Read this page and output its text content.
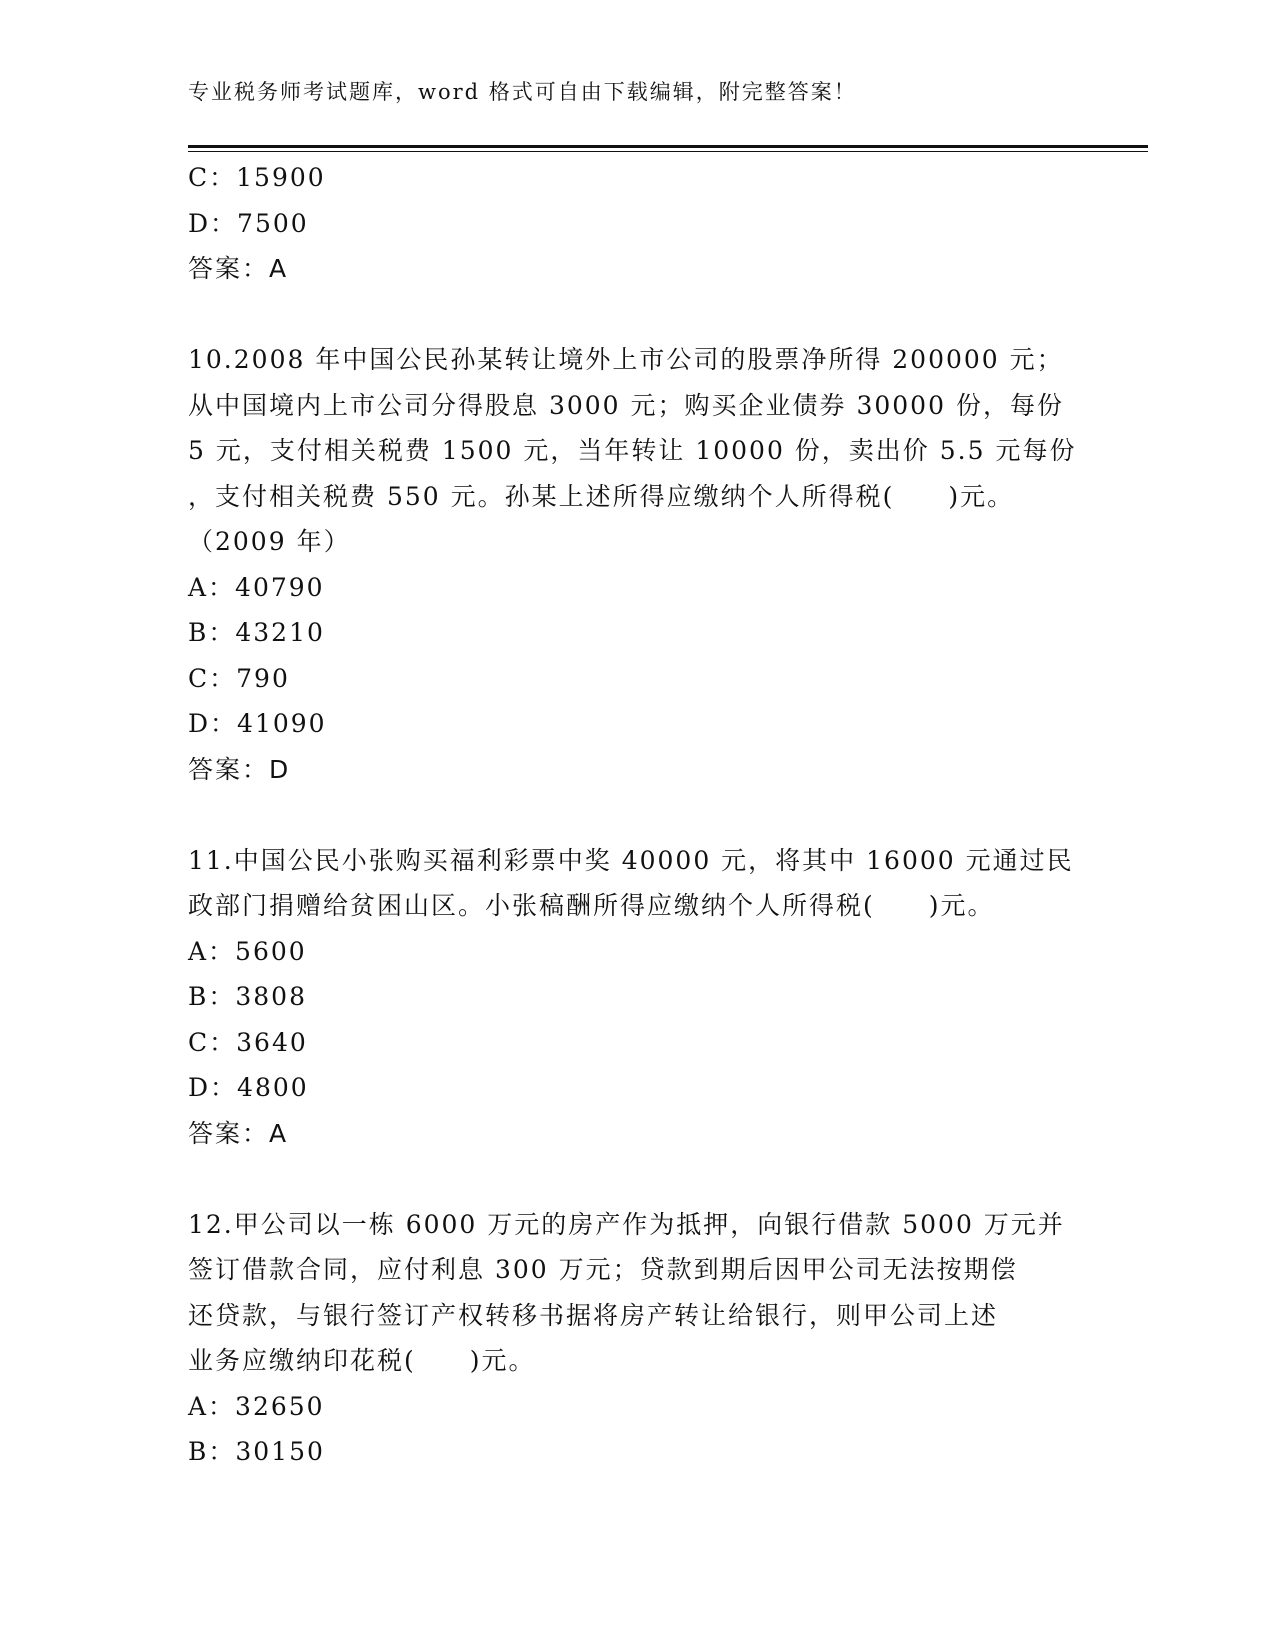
专业税务师考试题库，word 格式可自由下载编辑，附完整答案！
C：15900
D：7500
答案：A
10.2008 年中国公民孙某转让境外上市公司的股票净所得 200000 元；
从中国境内上市公司分得股息 3000 元；购买企业债券 30000 份，每份
5 元，支付相关税费 1500 元，当年转让 10000 份，卖出价 5.5 元每份
，支付相关税费 550 元。孙某上述所得应缴纳个人所得税(　　)元。
（2009 年）
A：40790
B：43210
C：790
D：41090
答案：D
11.中国公民小张购买福利彩票中奖 40000 元，将其中 16000 元通过民
政部门捐赠给贫困山区。小张稿酬所得应缴纳个人所得税(　　)元。
A：5600
B：3808
C：3640
D：4800
答案：A
12.甲公司以一栋 6000 万元的房产作为抵押，向银行借款 5000 万元并
签订借款合同，应付利息 300 万元；贷款到期后因甲公司无法按期偿
还贷款，与银行签订产权转移书据将房产转让给银行，则甲公司上述
业务应缴纳印花税(　　)元。
A：32650
B：30150
